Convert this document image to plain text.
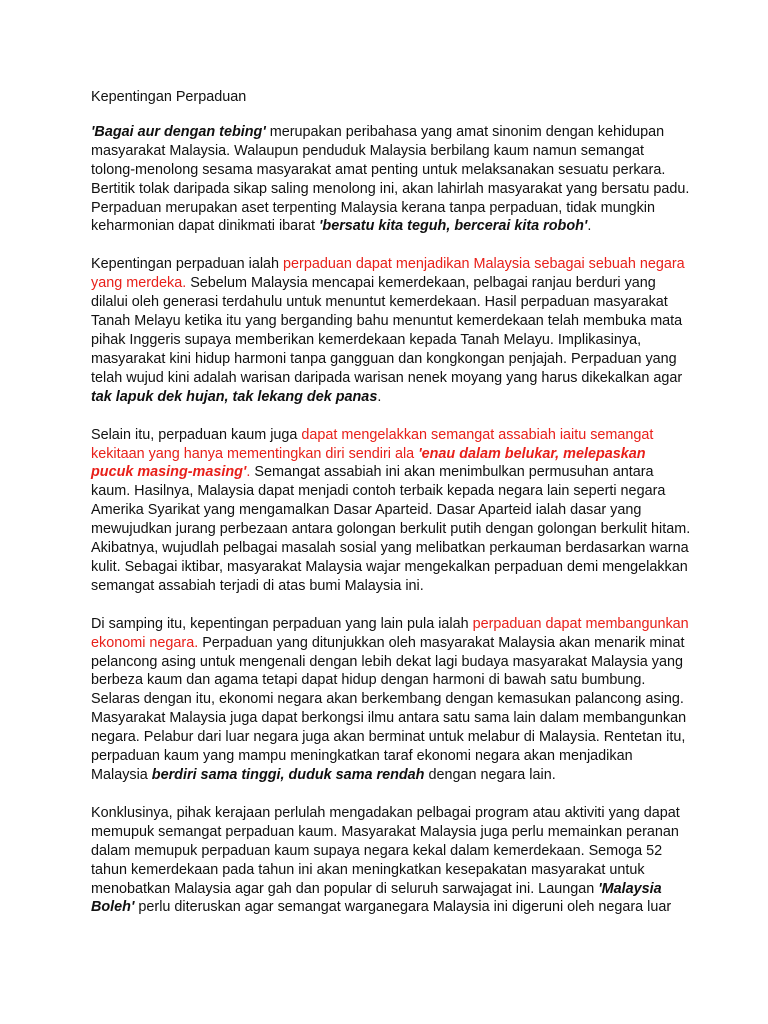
Kepentingan Perpaduan

'Bagai aur dengan tebing' merupakan peribahasa yang amat sinonim dengan kehidupan masyarakat Malaysia. Walaupun penduduk Malaysia berbilang kaum namun semangat tolong-menolong sesama masyarakat amat penting untuk melaksanakan sesuatu perkara. Bertitik tolak daripada sikap saling menolong ini, akan lahirlah masyarakat yang bersatu padu. Perpaduan merupakan aset terpenting Malaysia kerana tanpa perpaduan, tidak mungkin keharmonian dapat dinikmati ibarat 'bersatu kita teguh, bercerai kita roboh'.

Kepentingan perpaduan ialah perpaduan dapat menjadikan Malaysia sebagai sebuah negara yang merdeka. Sebelum Malaysia mencapai kemerdekaan, pelbagai ranjau berduri yang dilalui oleh generasi terdahulu untuk menuntut kemerdekaan. Hasil perpaduan masyarakat Tanah Melayu ketika itu yang berganding bahu menuntut kemerdekaan telah membuka mata pihak Inggeris supaya memberikan kemerdekaan kepada Tanah Melayu. Implikasinya, masyarakat kini hidup harmoni tanpa gangguan dan kongkongan penjajah. Perpaduan yang telah wujud kini adalah warisan daripada warisan nenek moyang yang harus dikekalkan agar tak lapuk dek hujan, tak lekang dek panas.

Selain itu, perpaduan kaum juga dapat mengelakkan semangat assabiah iaitu semangat kekitaan yang hanya mementingkan diri sendiri ala 'enau dalam belukar, melepaskan pucuk masing-masing'. Semangat assabiah ini akan menimbulkan permusuhan antara kaum. Hasilnya, Malaysia dapat menjadi contoh terbaik kepada negara lain seperti negara Amerika Syarikat yang mengamalkan Dasar Aparteid. Dasar Aparteid ialah dasar yang mewujudkan jurang perbezaan antara golongan berkulit putih dengan golongan berkulit hitam. Akibatnya, wujudlah pelbagai masalah sosial yang melibatkan perkauman berdasarkan warna kulit. Sebagai iktibar, masyarakat Malaysia wajar mengekalkan perpaduan demi mengelakkan semangat assabiah terjadi di atas bumi Malaysia ini.

Di samping itu, kepentingan perpaduan yang lain pula ialah perpaduan dapat membangunkan ekonomi negara. Perpaduan yang ditunjukkan oleh masyarakat Malaysia akan menarik minat pelancong asing untuk mengenali dengan lebih dekat lagi budaya masyarakat Malaysia yang berbeza kaum dan agama tetapi dapat hidup dengan harmoni di bawah satu bumbung. Selaras dengan itu, ekonomi negara akan berkembang dengan kemasukan palancong asing. Masyarakat Malaysia juga dapat berkongsi ilmu antara satu sama lain dalam membangunkan negara. Pelabur dari luar negara juga akan berminat untuk melabur di Malaysia. Rentetan itu, perpaduan kaum yang mampu meningkatkan taraf ekonomi negara akan menjadikan Malaysia berdiri sama tinggi, duduk sama rendah dengan negara lain.

Konklusinya, pihak kerajaan perlulah mengadakan pelbagai program atau aktiviti yang dapat memupuk semangat perpaduan kaum. Masyarakat Malaysia juga perlu memainkan peranan dalam memupuk perpaduan kaum supaya negara kekal dalam kemerdekaan. Semoga 52 tahun kemerdekaan pada tahun ini akan meningkatkan kesepakatan masyarakat untuk menobatkan Malaysia agar gah dan popular di seluruh sarwajagat ini. Laungan 'Malaysia Boleh' perlu diteruskan agar semangat warganegara Malaysia ini digeruni oleh negara luar
